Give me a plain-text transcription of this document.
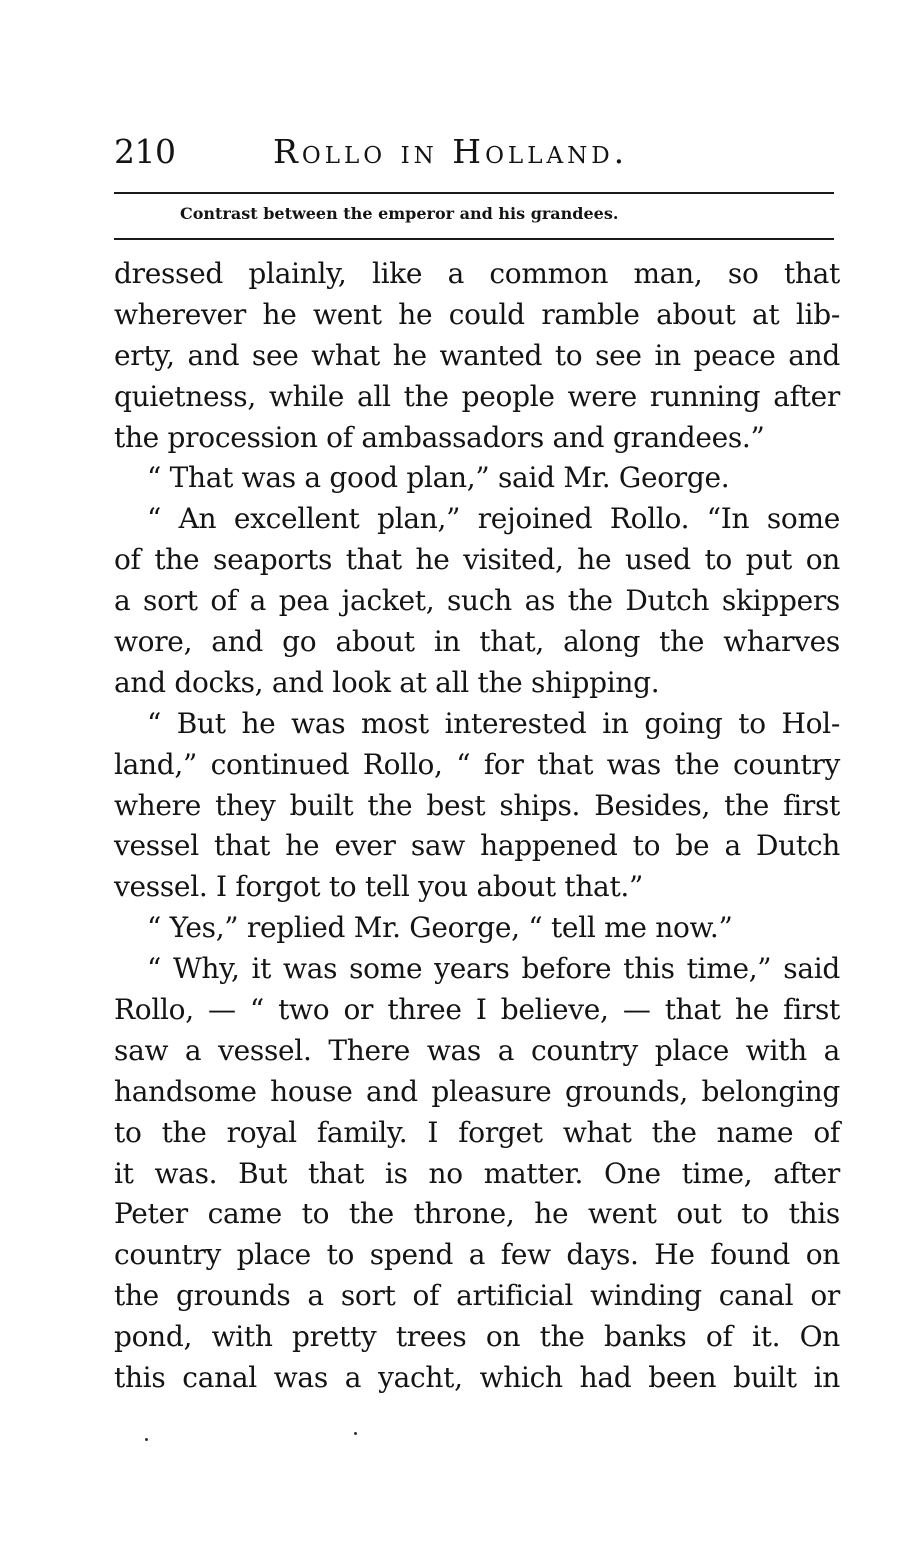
210	Rollo in Holland.
Contrast between the emperor and his grandees.
dressed plainly, like a common man, so that
wherever he went he could ramble about at lib-
erty, and see what he wanted to see in peace and
quietness, while all the people were running after
the procession of ambassadors and grandees.”
“ That was a good plan,” said Mr. George.
“ An excellent plan,” rejoined Rollo. “In some
of the seaports that he visited, he used to put on
a sort of a pea jacket, such as the Dutch skippers
wore, and go about in that, along the wharves
and docks, and look at all the shipping.
“ But he was most interested in going to Hol-
land,” continued Rollo, “ for that was the country
where they built the best ships. Besides, the first
vessel that he ever saw happened to be a Dutch
vessel. I forgot to tell you about that.”
“ Yes,” replied Mr. George, “ tell me now.”
“ Why, it was some years before this time,” said
Rollo, — “ two or three I believe, — that he first
saw a vessel. There was a country place with a
handsome house and pleasure grounds, belonging
to the royal family. I forget what the name of
it was. But that is no matter. One time, after
Peter came to the throne, he went out to this
country place to spend a few days. He found on
the grounds a sort of artificial winding canal or
pond, with pretty trees on the banks of it. On
this canal was a yacht, which had been built in
